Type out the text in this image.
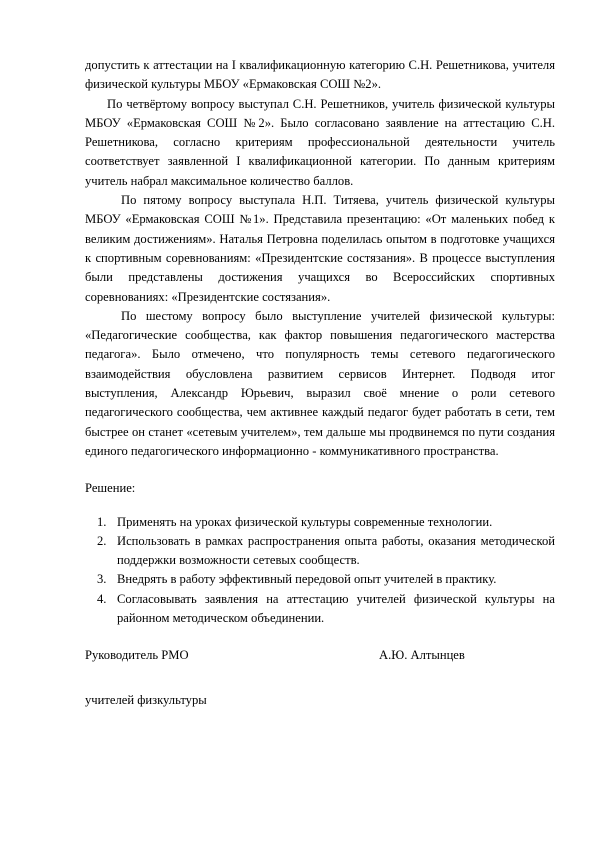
допустить к аттестации на I квалификационную категорию С.Н. Решетникова, учителя физической культуры МБОУ «Ермаковская СОШ №2».

По четвёртому вопросу выступал С.Н. Решетников, учитель физической культуры МБОУ «Ермаковская СОШ №2». Было согласовано заявление на аттестацию С.Н. Решетникова, согласно критериям профессиональной деятельности учитель соответствует заявленной I квалификационной категории. По данным критериям учитель набрал максимальное количество баллов.

По пятому вопросу выступала Н.П. Титяева, учитель физической культуры МБОУ «Ермаковская СОШ №1». Представила презентацию: «От маленьких побед к великим достижениям». Наталья Петровна поделилась опытом в подготовке учащихся к спортивным соревнованиям: «Президентские состязания». В процессе выступления были представлены достижения учащихся во Всероссийских спортивных соревнованиях: «Президентские состязания».

По шестому вопросу было выступление учителей физической культуры: «Педагогические сообщества, как фактор повышения педагогического мастерства педагога». Было отмечено, что популярность темы сетевого педагогического взаимодействия обусловлена развитием сервисов Интернет. Подводя итог выступления, Александр Юрьевич, выразил своё мнение о роли сетевого педагогического сообщества, чем активнее каждый педагог будет работать в сети, тем быстрее он станет «сетевым учителем», тем дальше мы продвинемся по пути создания единого педагогического информационно - коммуникативного пространства.

Решение:

1. Применять на уроках физической культуры современные технологии.
2. Использовать в рамках распространения опыта работы, оказания методической поддержки возможности сетевых сообществ.
3. Внедрять в работу эффективный передовой опыт учителей в практику.
4. Согласовывать заявления на аттестацию учителей физической культуры на районном методическом объединении.
Руководитель РМО	А.Ю. Алтынцев

учителей физкультуры
